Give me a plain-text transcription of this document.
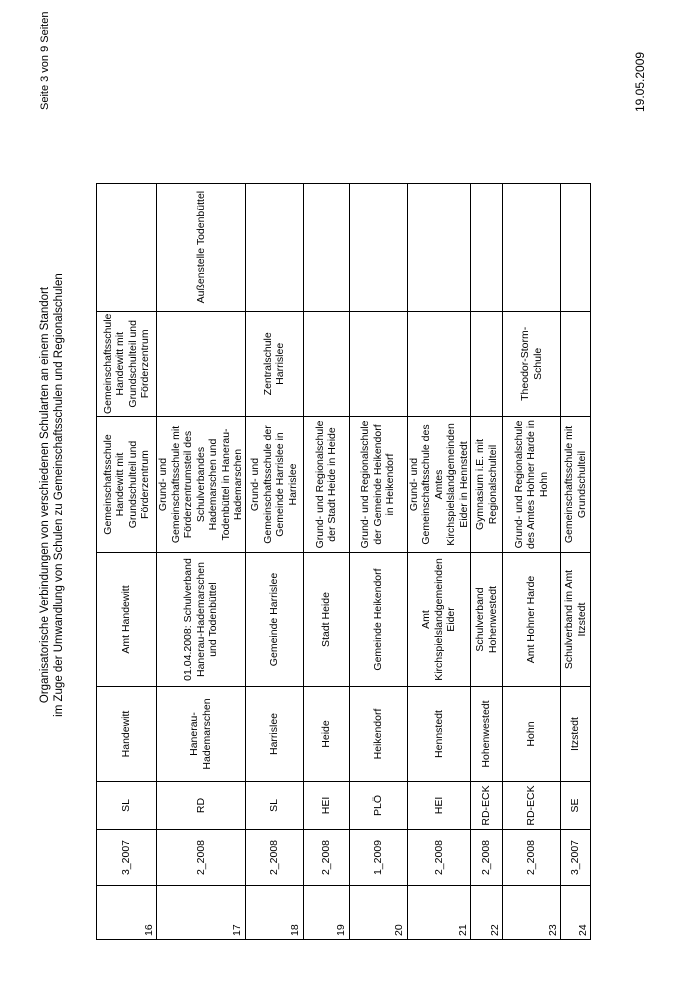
Organisatorische Verbindungen von verschiedenen Schularten an einem Standort im Zuge der Umwandlung von Schulen zu Gemeinschaftsschulen und Regionalschulen
19.05.2009
Seite 3 von 9 Seiten
16	3_2007	SL	Handewitt	Amt Handewitt	Gemeinschaftsschule Handewitt mit Grundschulteil und Förderzentrum	Gemeinschaftsschule Handewitt mit Grundschulteil und Förderzentrum	
17	2_2008	RD	Hanerau-Hademarschen	01.04.2008: Schulverband Hanerau-Hademarschen und Todenbüttel	Grund- und Gemeinschaftsschule mit Förderzentrumsteil des Schulverbandes Hademarschen und Todenbüttel in Hanerau-Hademarschen		Außenstelle Todenbüttel
18	2_2008	SL	Harrislee	Gemeinde Harrislee	Grund- und Gemeinschaftsschule der Gemeinde Harrislee in Harrislee	Zentralschule Harrislee	
19	2_2008	HEI	Heide	Stadt Heide	Grund- und Regionalschule der Stadt Heide in Heide		
20	1_2009	PLÖ	Heikendorf	Gemeinde Heikendorf	Grund- und Regionalschule der Gemeinde Heikendorf in Heikendorf		
21	2_2008	HEI	Hennstedt	Amt Kirchspielslandgemeinden Eider	Grund- und Gemeinschaftsschule des Amtes Kirchspielslandgemeinden Eider in Hennstedt		
22	2_2008	RD-ECK	Hohenwestedt	Schulverband Hohenwestedt	Gymnasium i.E. mit Regionalschulteil		
23	2_2008	RD-ECK	Hohn	Amt Hohner Harde	Grund- und Regionalschule des Amtes Hohner Harde in Hohn	Theodor-Storm-Schule	
24	3_2007	SE	Itzstedt	Schulverband im Amt Itzstedt	Gemeinschaftsschule mit Grundschulteil		
